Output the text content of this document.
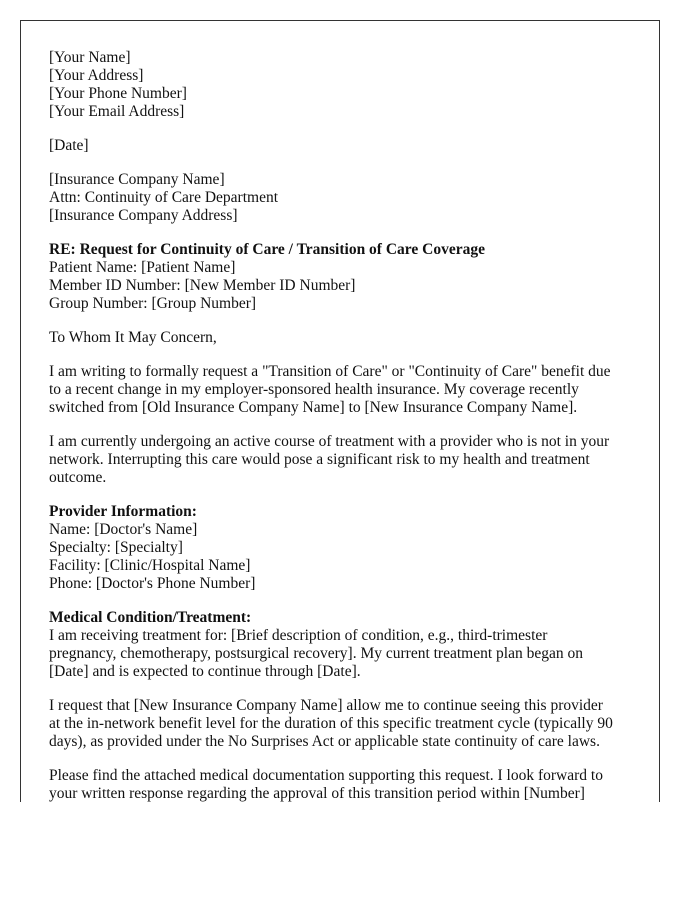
[Your Name]
[Your Address]
[Your Phone Number]
[Your Email Address]
[Date]
[Insurance Company Name]
Attn: Continuity of Care Department
[Insurance Company Address]
RE: Request for Continuity of Care / Transition of Care Coverage
Patient Name: [Patient Name]
Member ID Number: [New Member ID Number]
Group Number: [Group Number]
To Whom It May Concern,
I am writing to formally request a "Transition of Care" or "Continuity of Care" benefit due
to a recent change in my employer-sponsored health insurance. My coverage recently
switched from [Old Insurance Company Name] to [New Insurance Company Name].
I am currently undergoing an active course of treatment with a provider who is not in your
network. Interrupting this care would pose a significant risk to my health and treatment
outcome.
Provider Information:
Name: [Doctor's Name]
Specialty: [Specialty]
Facility: [Clinic/Hospital Name]
Phone: [Doctor's Phone Number]
Medical Condition/Treatment:
I am receiving treatment for: [Brief description of condition, e.g., third-trimester
pregnancy, chemotherapy, postsurgical recovery]. My current treatment plan began on
[Date] and is expected to continue through [Date].
I request that [New Insurance Company Name] allow me to continue seeing this provider
at the in-network benefit level for the duration of this specific treatment cycle (typically 90
days), as provided under the No Surprises Act or applicable state continuity of care laws.
Please find the attached medical documentation supporting this request. I look forward to
your written response regarding the approval of this transition period within [Number]
